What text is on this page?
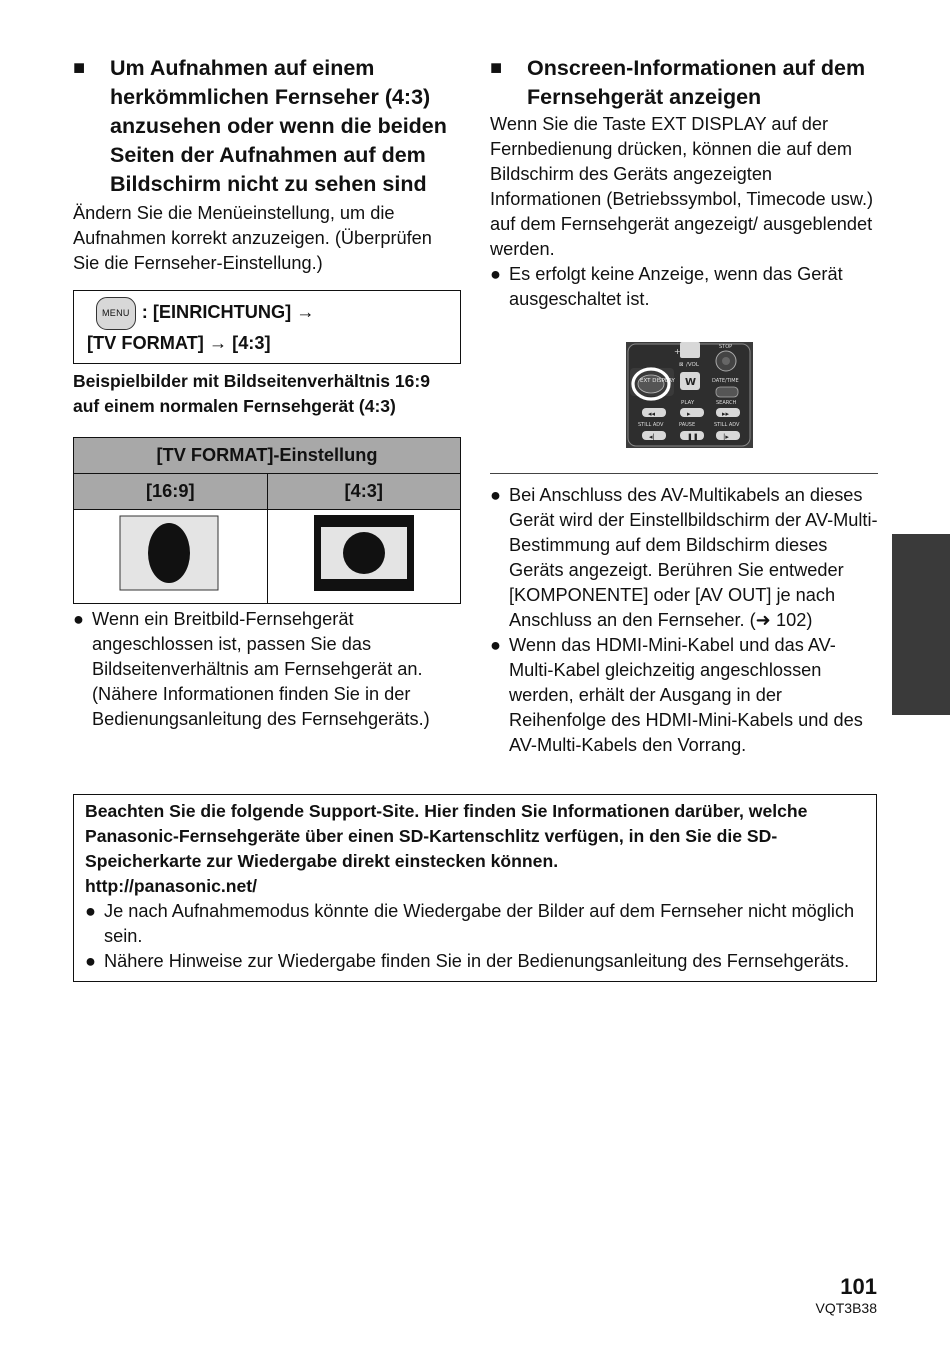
■	Um Aufnahmen auf einem herkömmlichen Fernseher (4:3) anzusehen oder wenn die beiden Seiten der Aufnahmen auf dem Bildschirm nicht zu sehen sind
Ändern Sie die Menüeinstellung, um die Aufnahmen korrekt anzuzeigen. (Überprüfen Sie die Fernseher-Einstellung.)
MENU : [EINRICHTUNG] →
[TV FORMAT] → [4:3]
Beispielbilder mit Bildseitenverhältnis 16:9 auf einem normalen Fernsehgerät (4:3)
[TV FORMAT]-Einstellung	
[16:9]	[4:3]

● Wenn ein Breitbild-Fernsehgerät angeschlossen ist, passen Sie das Bildseitenverhältnis am Fernsehgerät an. (Nähere Informationen finden Sie in der Bedienungsanleitung des Fernsehgeräts.)
■	Onscreen-Informationen auf dem Fernsehgerät anzeigen
Wenn Sie die Taste EXT DISPLAY auf der Fernbedienung drücken, können die auf dem Bildschirm des Geräts angezeigten Informationen (Betriebssymbol, Timecode usw.) auf dem Fernsehgerät angezeigt/ ausgeblendet werden.
● Es erfolgt keine Anzeige, wenn das Gerät ausgeschaltet ist.
+	STOP
⊠ /VOL
EXT DISPLAY W	DATE/TIME
PLAY	SEARCH
◂◂	▸	▸▸
STILL ADV	PAUSE	STILL ADV
◂|	❚❚	|▸
● Bei Anschluss des AV-Multikabels an dieses Gerät wird der Einstellbildschirm der AV-Multi-Bestimmung auf dem Bildschirm dieses Geräts angezeigt. Berühren Sie entweder [KOMPONENTE] oder [AV OUT] je nach Anschluss an den Fernseher. (➜ 102)
● Wenn das HDMI-Mini-Kabel und das AV-Multi-Kabel gleichzeitig angeschlossen werden, erhält der Ausgang in der Reihenfolge des HDMI-Mini-Kabels und des AV-Multi-Kabels den Vorrang.
Beachten Sie die folgende Support-Site. Hier finden Sie Informationen darüber, welche Panasonic-Fernsehgeräte über einen SD-Kartenschlitz verfügen, in den Sie die SD-Speicherkarte zur Wiedergabe direkt einstecken können.
http://panasonic.net/
● Je nach Aufnahmemodus könnte die Wiedergabe der Bilder auf dem Fernseher nicht möglich sein.
● Nähere Hinweise zur Wiedergabe finden Sie in der Bedienungsanleitung des Fernsehgeräts.
101
VQT3B38
